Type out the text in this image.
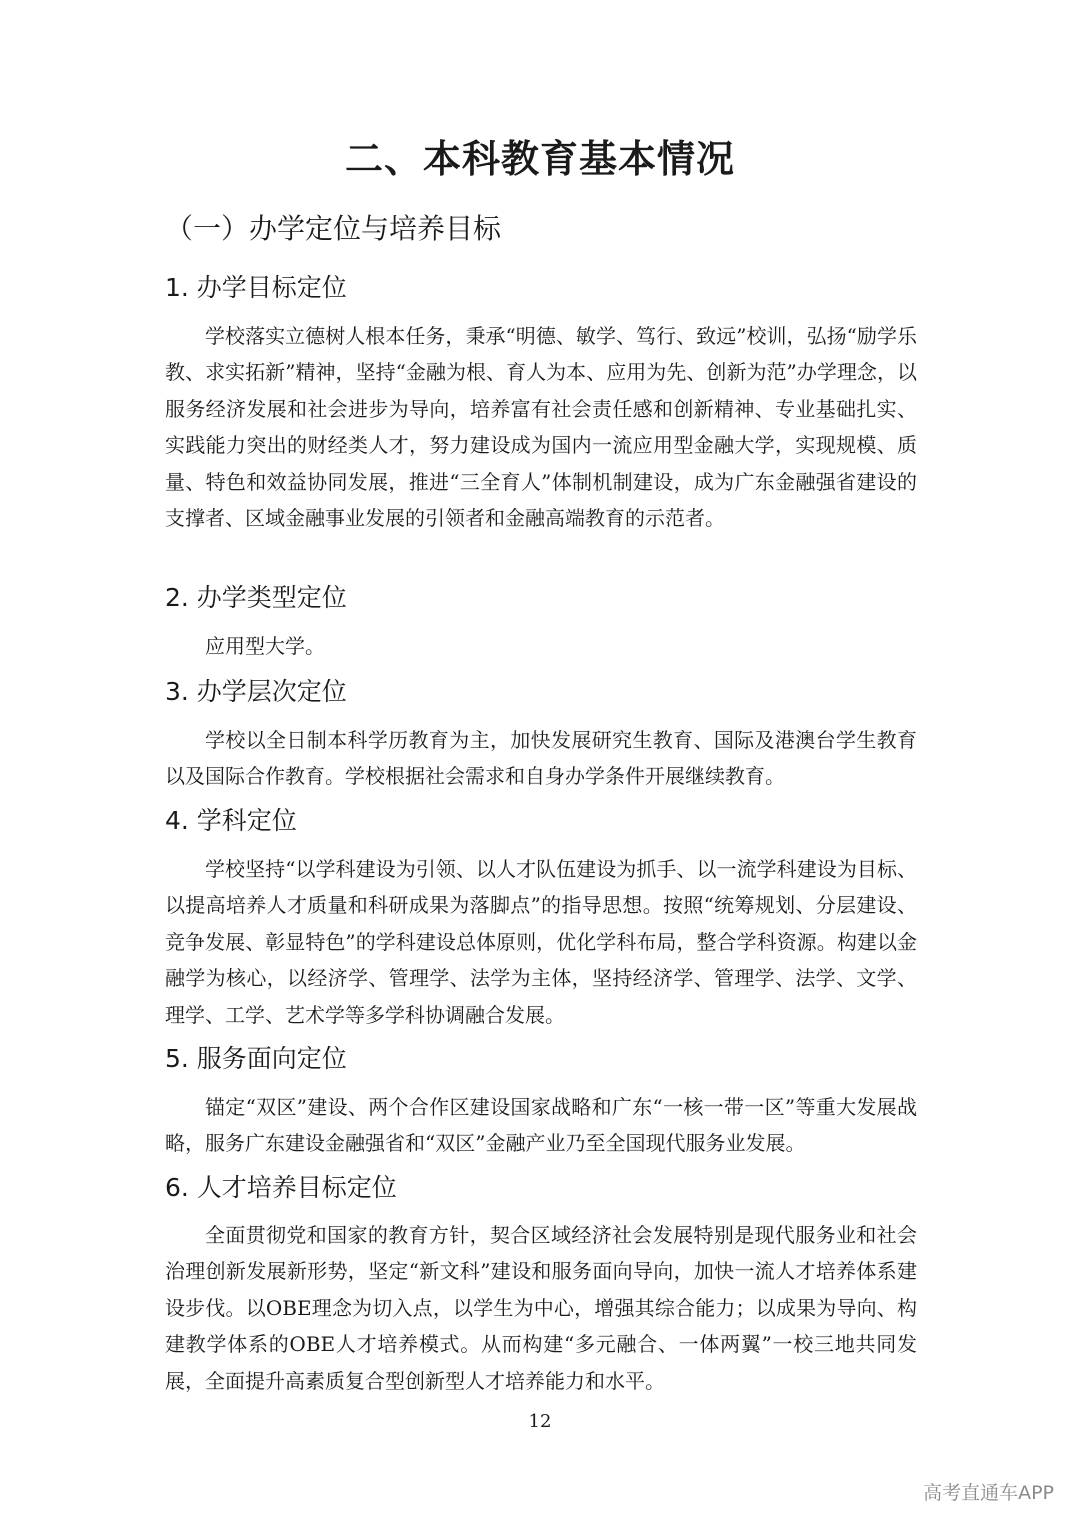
二、本科教育基本情况
（一）办学定位与培养目标
1. 办学目标定位
学校落实立德树人根本任务，秉承“明德、敏学、笃行、致远”校训，弘扬“励学乐教、求实拓新”精神，坚持“金融为根、育人为本、应用为先、创新为范”办学理念，以服务经济发展和社会进步为导向，培养富有社会责任感和创新精神、专业基础扎实、实践能力突出的财经类人才，努力建设成为国内一流应用型金融大学，实现规模、质量、特色和效益协同发展，推进“三全育人”体制机制建设，成为广东金融强省建设的支撑者、区域金融事业发展的引领者和金融高端教育的示范者。
2. 办学类型定位
应用型大学。
3. 办学层次定位
学校以全日制本科学历教育为主，加快发展研究生教育、国际及港澳台学生教育以及国际合作教育。学校根据社会需求和自身办学条件开展继续教育。
4. 学科定位
学校坚持“以学科建设为引领、以人才队伍建设为抓手、以一流学科建设为目标、以提高培养人才质量和科研成果为落脚点”的指导思想。按照“统筹规划、分层建设、竞争发展、彰显特色”的学科建设总体原则，优化学科布局，整合学科资源。构建以金融学为核心，以经济学、管理学、法学为主体，坚持经济学、管理学、法学、文学、理学、工学、艺术学等多学科协调融合发展。
5. 服务面向定位
锚定“双区”建设、两个合作区建设国家战略和广东“一核一带一区”等重大发展战略，服务广东建设金融强省和“双区”金融产业乃至全国现代服务业发展。
6. 人才培养目标定位
全面贯彻党和国家的教育方针，契合区域经济社会发展特别是现代服务业和社会治理创新发展新形势，坚定“新文科”建设和服务面向导向，加快一流人才培养体系建设步伐。以OBE理念为切入点，以学生为中心，增强其综合能力；以成果为导向、构建教学体系的OBE人才培养模式。从而构建“多元融合、一体两翼”一校三地共同发展，全面提升高素质复合型创新型人才培养能力和水平。
12
高考直通车APP
